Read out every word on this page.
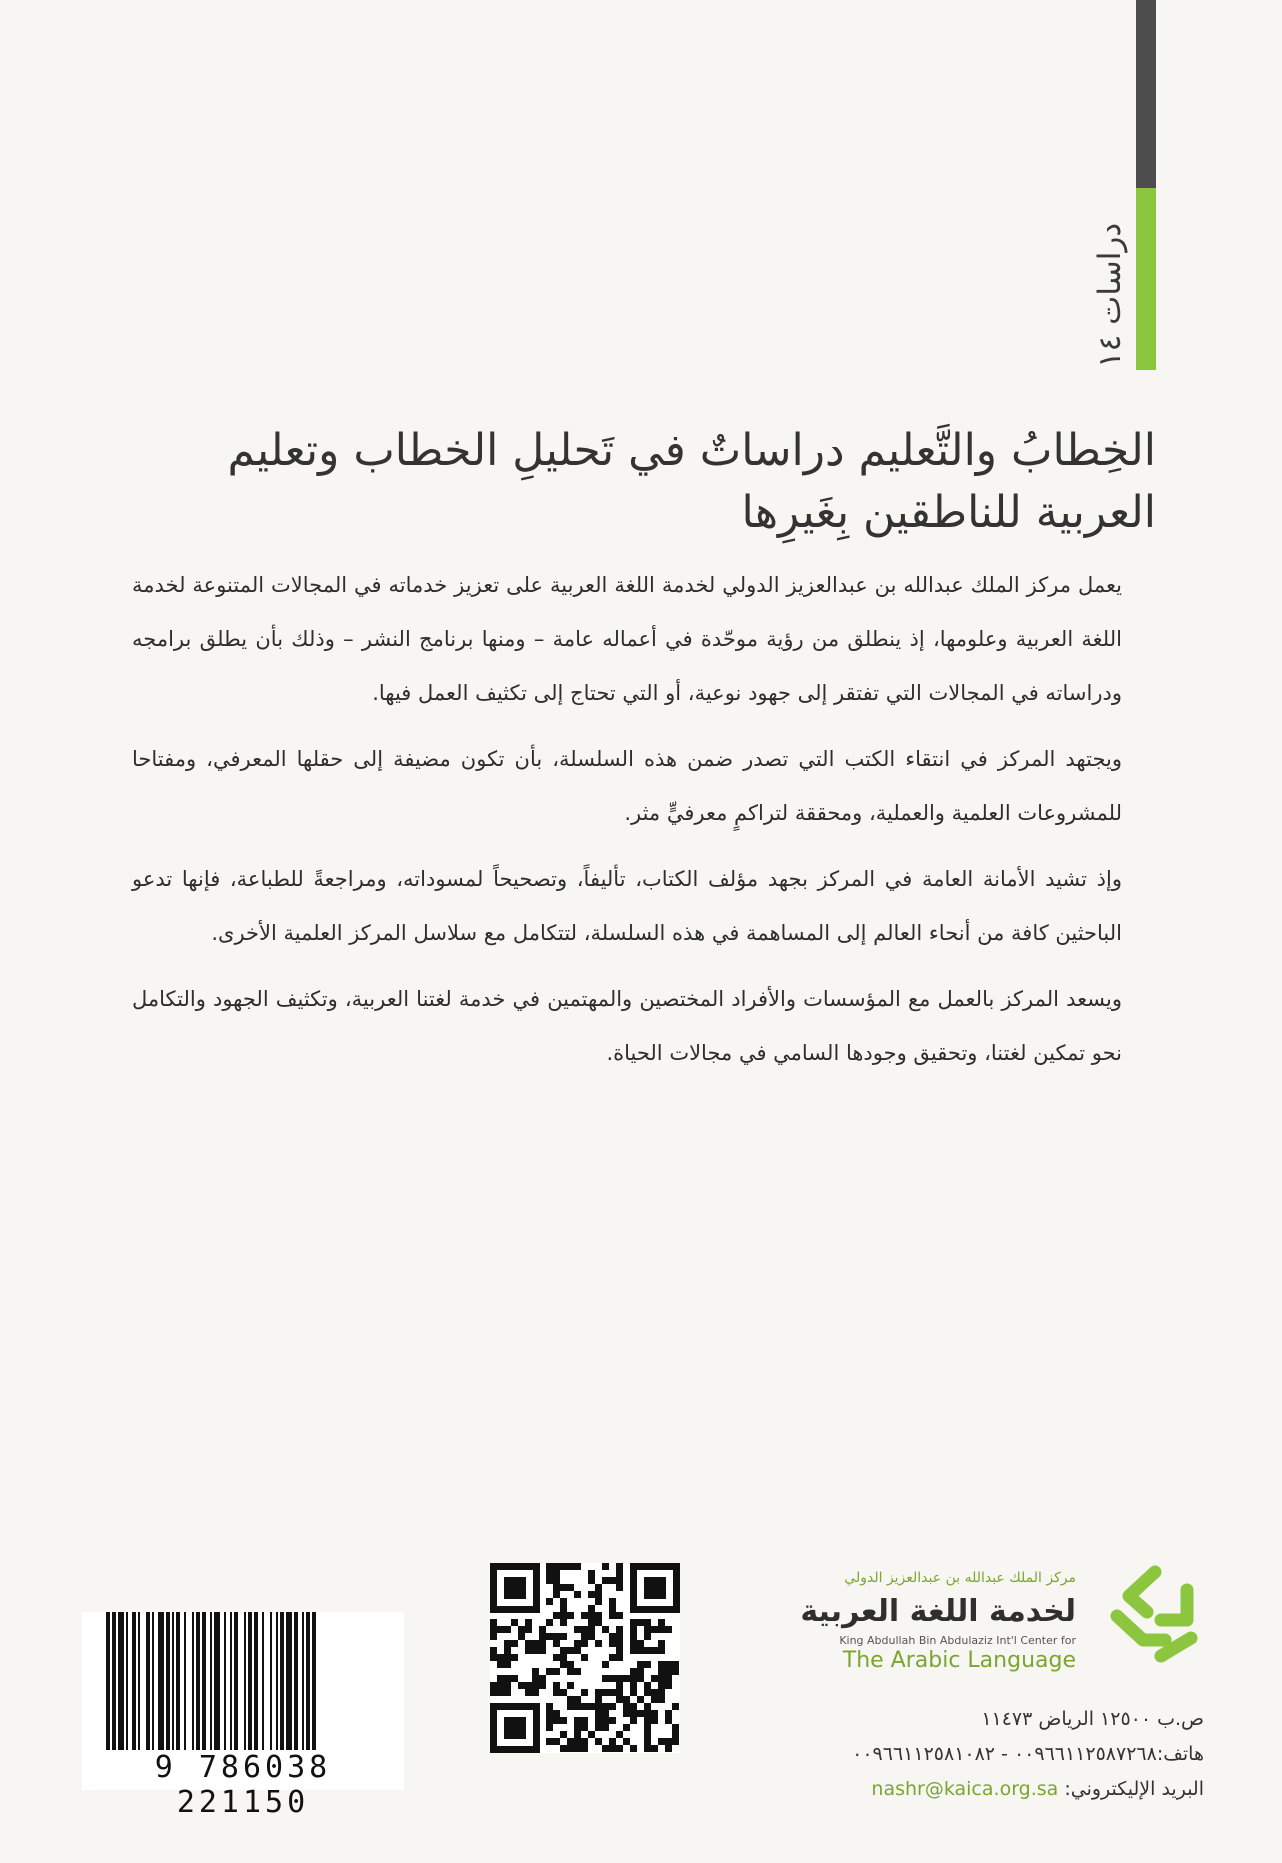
دراسات ١٤
الخِطابُ والتَّعليم دراساتٌ في تَحليلِ الخطاب وتعليم العربية للناطقين بِغَيرِها

يعمل مركز الملك عبدالله بن عبدالعزيز الدولي لخدمة اللغة العربية على تعزيز خدماته في المجالات المتنوعة لخدمة اللغة العربية وعلومها، إذ ينطلق من رؤية موحّدة في أعماله عامة – ومنها برنامج النشر – وذلك بأن يطلق برامجه ودراساته في المجالات التي تفتقر إلى جهود نوعية، أو التي تحتاج إلى تكثيف العمل فيها.

ويجتهد المركز في انتقاء الكتب التي تصدر ضمن هذه السلسلة، بأن تكون مضيفة إلى حقلها المعرفي، ومفتاحا للمشروعات العلمية والعملية، ومحققة لتراكمٍ معرفيٍّ مثر.

وإذ تشيد الأمانة العامة في المركز بجهد مؤلف الكتاب، تأليفاً، وتصحيحاً لمسوداته، ومراجعةً للطباعة، فإنها تدعو الباحثين كافة من أنحاء العالم إلى المساهمة في هذه السلسلة، لتتكامل مع سلاسل المركز العلمية الأخرى.

ويسعد المركز بالعمل مع المؤسسات والأفراد المختصين والمهتمين في خدمة لغتنا العربية، وتكثيف الجهود والتكامل نحو تمكين لغتنا، وتحقيق وجودها السامي في مجالات الحياة.

مركز الملك عبدالله بن عبدالعزيز الدولي
لخدمة اللغة العربية
King Abdullah Bin Abdulaziz Int'l Center for
The Arabic Language
ص.ب ١٢٥٠٠ الرياض ١١٤٧٣
هاتف:٠٠٩٦٦١١٢٥٨٧٢٦٨ - ٠٠٩٦٦١١٢٥٨١٠٨٢
البريد الإليكتروني: nashr@kaica.org.sa
9 786038 221150
